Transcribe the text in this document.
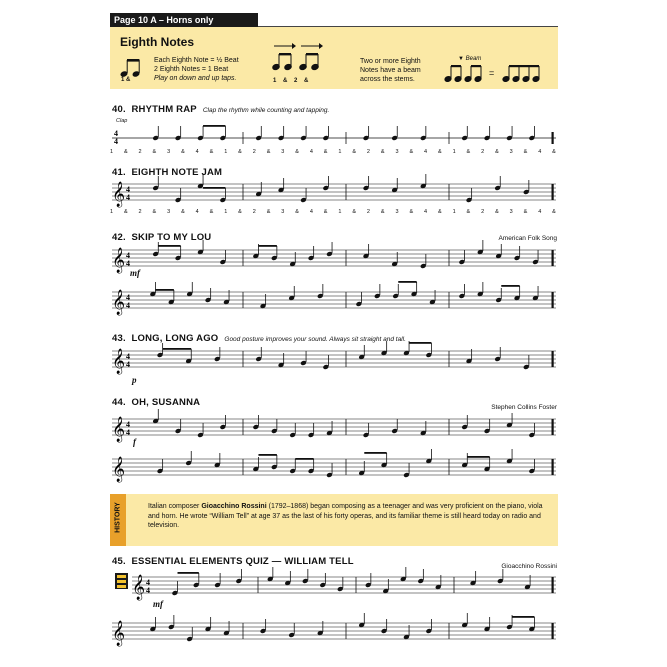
Page 10 A – Horns only
Eighth Notes
1 &
Each Eighth Note = ½ Beat
2 Eighth Notes = 1 Beat
Play on down and up taps.	1    &    2    &
Two or more Eighth
Notes have a beam
across the stems.
▼ Beam
=
40. RHYTHM RAP Clap the rhythm while counting and tapping.
Clap
4
4
1 & 2 & 3 & 4 & 1 & 2 & 3 & 4 & 1 & 2 & 3 & 4 & 1 & 2 & 3 & 4 &
41. EIGHTH NOTE JAM
𝄞 4
4
1 & 2 & 3 & 4 & 1 & 2 & 3 & 4 & 1 & 2 & 3 & 4 & 1 & 2 & 3 & 4 &
42. SKIP TO MY LOU	American Folk Song
𝄞 4
4
mf
𝄞 4
4
43. LONG, LONG AGO Good posture improves your sound. Always sit straight and tall.
𝄞 4
4
p
44. OH, SUSANNA	Stephen Collins Foster
𝄞 4
4
f
𝄞
HISTORY	Italian composer Gioacchino Rossini (1792–1868) began composing as a teenager and was very proficient on the piano, viola and horn. He wrote “William Tell” at age 37 as the last of his forty operas, and its familiar theme is still heard today on radio and television.
45. ESSENTIAL ELEMENTS QUIZ — WILLIAM TELL	Gioacchino Rossini
𝄞 4
4
mf
𝄞
